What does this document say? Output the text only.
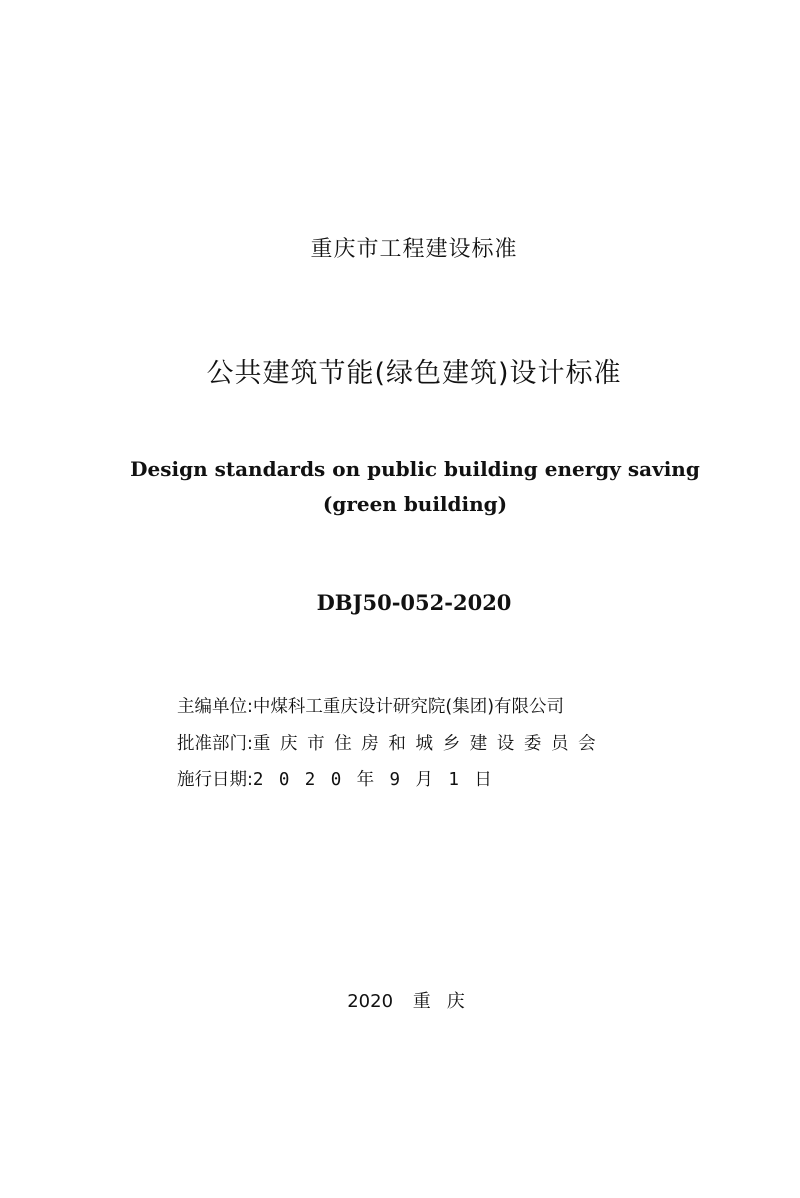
重庆市工程建设标准
公共建筑节能(绿色建筑)设计标准
Design standards on public building energy saving
(green building)
DBJ50-052-2020
主编单位:中煤科工重庆设计研究院(集团)有限公司
批准部门:重庆市住房和城乡建设委员会
施行日期:2020年9月1日
2020 重庆
